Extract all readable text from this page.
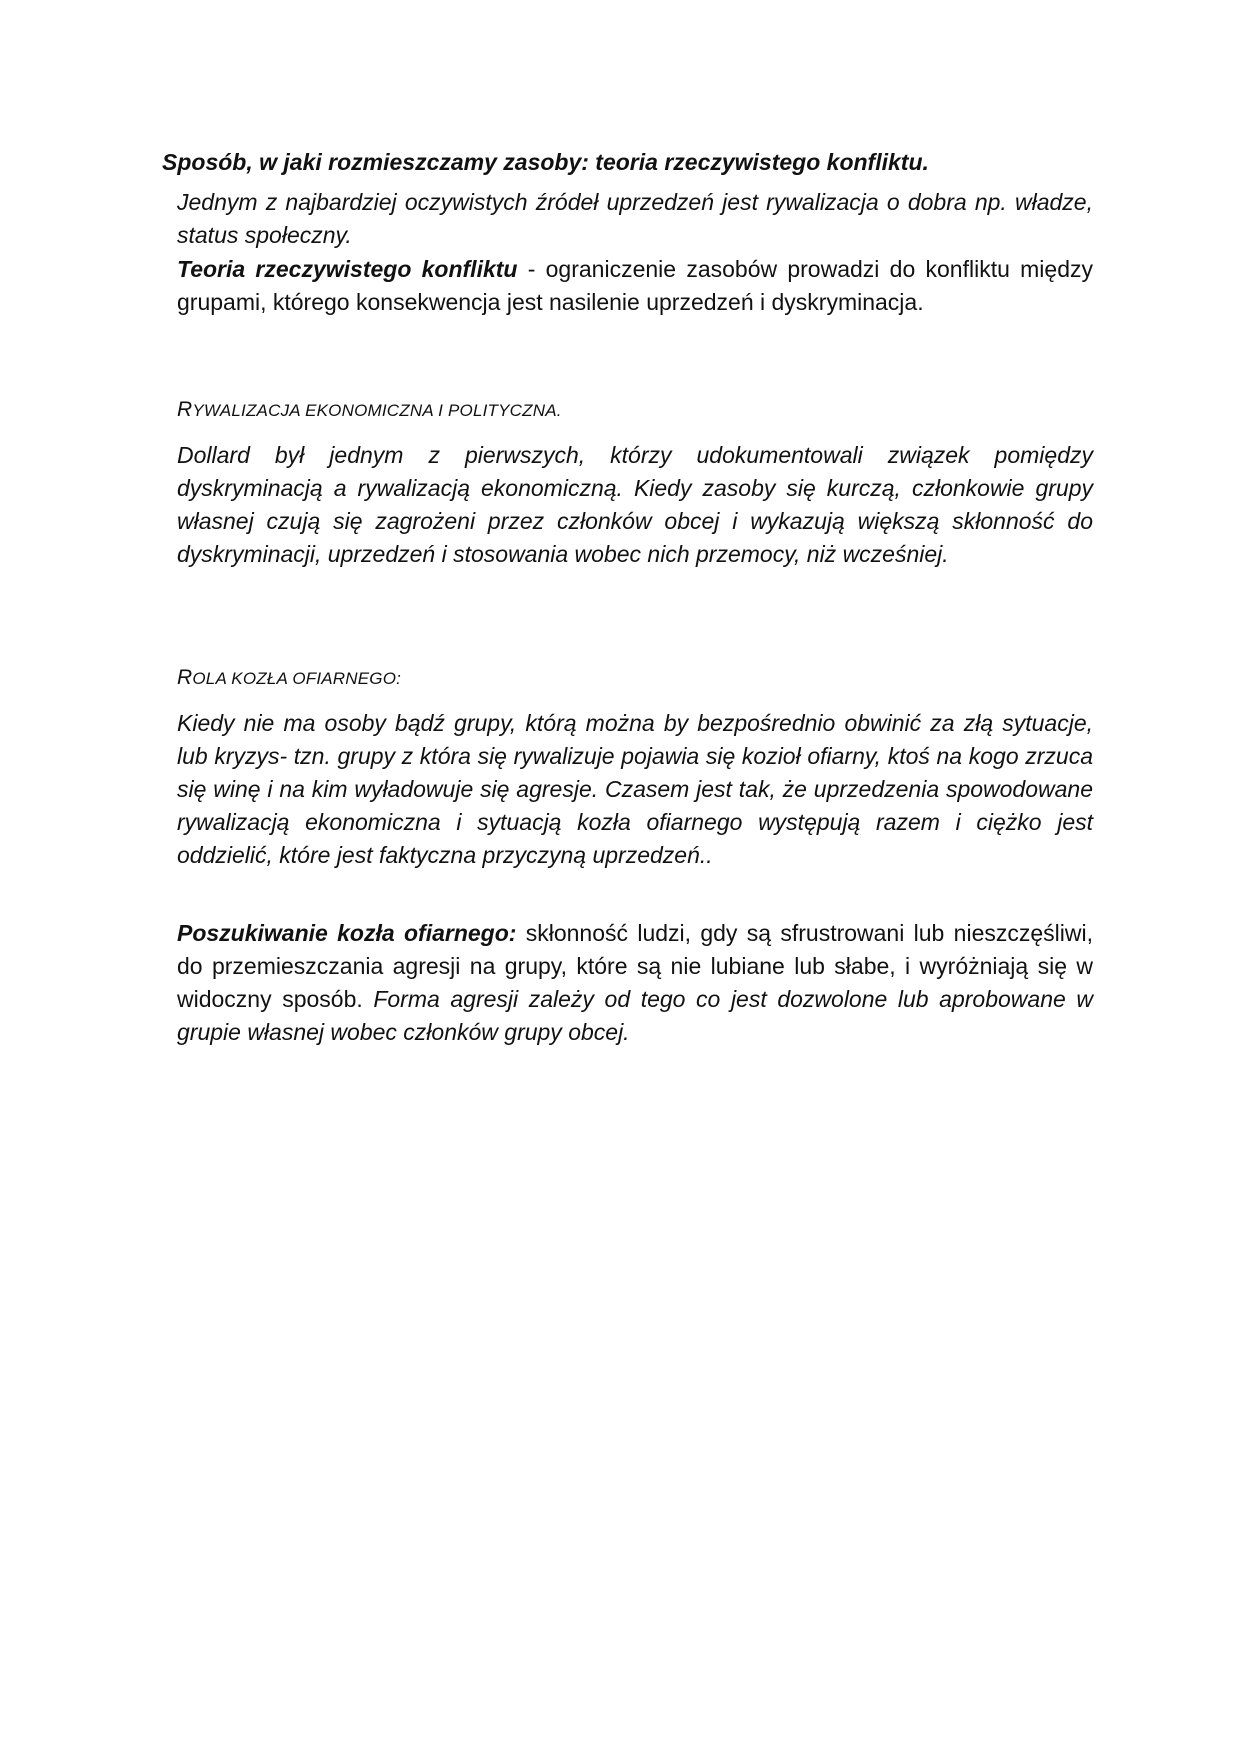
Sposób, w jaki rozmieszczamy zasoby: teoria rzeczywistego konfliktu.

Jednym z najbardziej oczywistych źródeł uprzedzeń jest rywalizacja o dobra np. władze, status społeczny.

Teoria rzeczywistego konfliktu - ograniczenie zasobów prowadzi do konfliktu między grupami, którego konsekwencja jest nasilenie uprzedzeń i dyskryminacja.

RYWALIZACJA EKONOMICZNA I POLITYCZNA.

Dollard był jednym z pierwszych, którzy udokumentowali związek pomiędzy dyskryminacją a rywalizacją ekonomiczną. Kiedy zasoby się kurczą, członkowie grupy własnej czują się zagrożeni przez członków obcej i wykazują większą skłonność do dyskryminacji, uprzedzeń i stosowania wobec nich przemocy, niż wcześniej.

ROLA KOZŁA OFIARNEGO:

Kiedy nie ma osoby bądź grupy, którą można by bezpośrednio obwinić za złą sytuacje, lub kryzys- tzn. grupy z która się rywalizuje pojawia się kozioł ofiarny, ktoś na kogo zrzuca się winę i na kim wyładowuje się agresje. Czasem jest tak, że uprzedzenia spowodowane rywalizacją ekonomiczna i sytuacją kozła ofiarnego występują razem i ciężko jest oddzielić, które jest faktyczna przyczyną uprzedzeń..

Poszukiwanie kozła ofiarnego: skłonność ludzi, gdy są sfrustrowani lub nieszczęśliwi, do przemieszczania agresji na grupy, które są nie lubiane lub słabe, i wyróżniają się w widoczny sposób. Forma agresji zależy od tego co jest dozwolone lub aprobowane w grupie własnej wobec członków grupy obcej.
